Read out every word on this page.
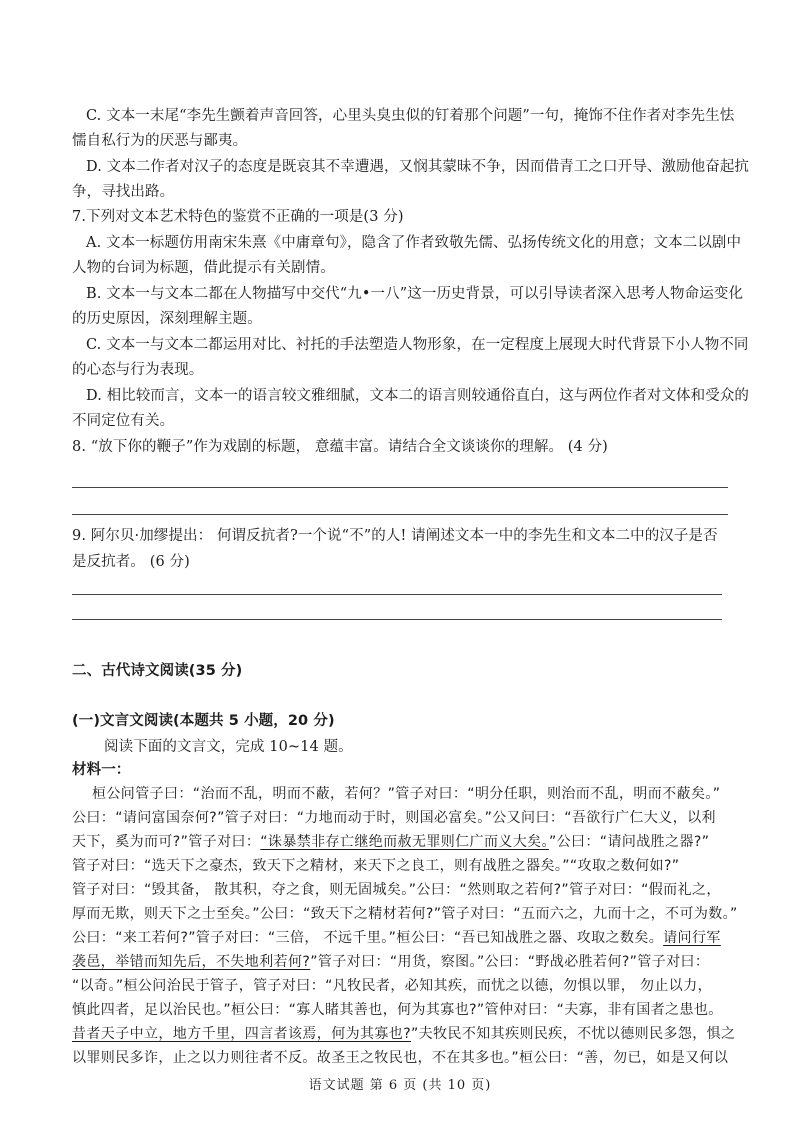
C. 文本一末尾“李先生颤着声音回答，心里头臭虫似的钉着那个问题”一句，掩饰不住作者对李先生怯
懦自私行为的厌恶与鄙夷。
D. 文本二作者对汉子的态度是既哀其不幸遭遇，又悯其蒙昧不争，因而借青工之口开导、激励他奋起抗
争，寻找出路。
7.下列对文本艺术特色的鉴赏不正确的一项是(3 分)
A. 文本一标题仿用南宋朱熹《中庸章句》，隐含了作者致敬先儒、弘扬传统文化的用意；文本二以剧中
人物的台词为标题，借此提示有关剧情。
B. 文本一与文本二都在人物描写中交代“九•一八”这一历史背景，可以引导读者深入思考人物命运变化
的历史原因，深刻理解主题。
C. 文本一与文本二都运用对比、衬托的手法塑造人物形象，在一定程度上展现大时代背景下小人物不同
的心态与行为表现。
D. 相比较而言，文本一的语言较文雅细腻，文本二的语言则较通俗直白，这与两位作者对文体和受众的
不同定位有关。
8. “放下你的鞭子”作为戏剧的标题， 意蕴丰富。请结合全文谈谈你的理解。 (4 分)
9. 阿尔贝·加缪提出： 何谓反抗者?一个说“不”的人! 请阐述文本一中的李先生和文本二中的汉子是否
是反抗者。 (6 分)
二、古代诗文阅读(35 分)
(一)文言文阅读(本题共 5 小题，20 分)
阅读下面的文言文，完成 10~14 题。
材料一：
桓公问管子曰：“治而不乱，明而不蔽，若何？”管子对曰：“明分任职，则治而不乱，明而不蔽矣。”
公曰：“请问富国奈何?”管子对曰：“力地而动于时，则国必富矣。”公又问曰：“吾欲行广仁大义，以利
天下，奚为而可?”管子对曰：“诛暴禁非存亡继绝而赦无罪则仁广而义大矣。”公曰：“请问战胜之器?”
管子对曰：“选天下之豪杰，致天下之精材，来天下之良工，则有战胜之器矣。”“攻取之数何如?”
管子对曰：“毁其备， 散其积，夺之食，则无固城矣。”公曰：“然则取之若何?”管子对曰：“假而礼之，
厚而无欺，则天下之士至矣。”公曰：“致天下之精材若何?”管子对曰：“五而六之，九而十之，不可为数。”
公曰：“来工若何?”管子对曰：“三倍， 不远千里。”桓公曰：“吾已知战胜之器、攻取之数矣。请问行军
袭邑，举错而知先后，不失地利若何?”管子对曰：“用货，察图。”公曰：“野战必胜若何?”管子对曰：
“以奇。”桓公问治民于管子，管子对曰：“凡牧民者，必知其疾，而忧之以德，勿惧以罪， 勿止以力，
慎此四者，足以治民也。”桓公曰：“寡人睹其善也，何为其寡也?”管仲对曰：“夫寡，非有国者之患也。
昔者天子中立，地方千里，四言者该焉，何为其寡也?”夫牧民不知其疾则民疾，不忧以德则民多怨，惧之
语文试题 第 6 页 (共 10 页)
以罪则民多诈，止之以力则往者不反。故圣王之牧民也，不在其多也。”桓公曰：“善，勿已，如是又何以
